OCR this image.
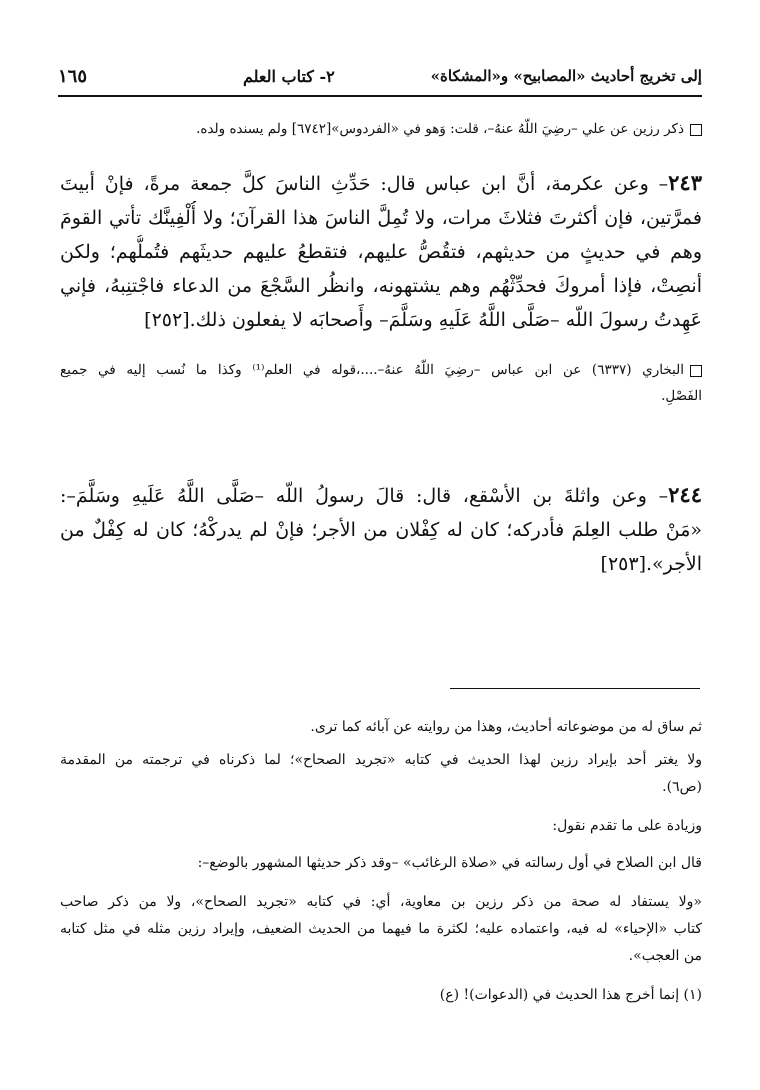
١٦٥	٢- كتاب العلم	إلى تخريج أحاديث «المصابيح» و«المشكاة»
ذكر رزين عن علي –رضِيَ اللّهُ عنهُ–، قلت: وَهو في «الفردوس»[٦٧٤٢] ولم يسنده ولده.
٢٤٣– وعن عكرمة، أنَّ ابن عباس قال: حَدِّثِ الناسَ كلَّ جمعة مرةً، فإنْ أبيتَ
فمرَّتين، فإن أكثرتَ فثلاثَ مرات، ولا تُمِلَّ الناسَ هذا القرآنَ؛ ولا أُلْفِينَّك تأتي القومَ
وهم في حديثٍ من حديثهم، فتقُصُّ عليهم، فتقطعُ عليهم حديثَهم فتُملُّهم؛ ولكن
أنصِتْ، فإذا أمروكَ فحدِّثْهُم وهم يشتهونه، وانظُر السَّجْعَ من الدعاء فاجْتنِبهُ، فإني
عَهِدتُ رسولَ اللّه –صَلَّى اللَّهُ عَلَيهِ وسَلَّمَ– وأَصحابَه لا يفعلون ذلك.[٢٥٢]
البخاري (٦٣٣٧) عن ابن عباس –رضِيَ اللّهُ عنهُ–....،قوله في العلم⁽¹⁾ وكذا ما نُسب إليه في جميع
الفَصْلِ.
٢٤٤– وعن واثلةَ بن الأسْقع، قال: قالَ رسولُ اللّه –صَلَّى اللَّهُ عَلَيهِ وسَلَّمَ–:
«مَنْ طلب العِلمَ فأدركه؛ كان له كِفْلان من الأجر؛ فإنْ لم يدركْهُ؛ كان له كِفْلٌ من
الأجر».[٢٥٣]

ثم ساق له من موضوعاته أحاديث، وهذا من روايته عن آبائه كما ترى.

ولا يغتر أحد بإيراد رزين لهذا الحديث في كتابه «تجريد الصحاح»؛ لما ذكرناه في ترجمته من المقدمة
(ص٦).

وزيادة على ما تقدم نقول:

قال ابن الصلاح في أول رسالته في «صلاة الرغائب» –وقد ذكر حديثها المشهور بالوضع–:

«ولا يستفاد له صحة من ذكر رزين بن معاوية، أي: في كتابه «تجريد الصحاح»، ولا من ذكر صاحب
كتاب «الإحياء» له فيه، واعتماده عليه؛ لكثرة ما فيهما من الحديث الضعيف، وإيراد رزين مثله في مثل كتابه
من العجب».

(١) إنما أخرج هذا الحديث في (الدعوات)! (ع)
